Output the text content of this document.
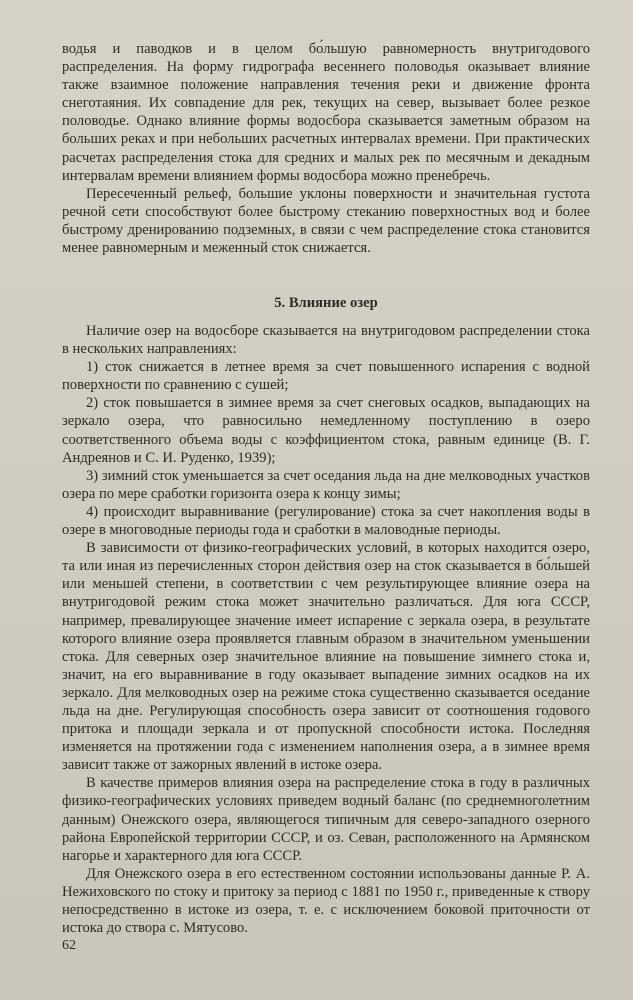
водья и паводков и в целом бо́льшую равномерность внутригодового распределения. На форму гидрографа весеннего половодья оказывает влияние также взаимное положение направления течения реки и движение фронта снеготаяния. Их совпадение для рек, текущих на север, вызывает более резкое половодье. Однако влияние формы водосбора сказывается заметным образом на больших реках и при небольших расчетных интервалах времени. При практических расчетах распределения стока для средних и малых рек по месячным и декадным интервалам времени влиянием формы водосбора можно пренебречь.

Пересеченный рельеф, большие уклоны поверхности и значительная густота речной сети способствуют более быстрому стеканию поверхностных вод и более быстрому дренированию подземных, в связи с чем распределение стока становится менее равномерным и меженный сток снижается.

5. Влияние озер

Наличие озер на водосборе сказывается на внутригодовом распределении стока в нескольких направлениях:

1) сток снижается в летнее время за счет повышенного испарения с водной поверхности по сравнению с сушей;

2) сток повышается в зимнее время за счет снеговых осадков, выпадающих на зеркало озера, что равносильно немедленному поступлению в озеро соответственного объема воды с коэффициентом стока, равным единице (В. Г. Андреянов и С. И. Руденко, 1939);

3) зимний сток уменьшается за счет оседания льда на дне мелководных участков озера по мере сработки горизонта озера к концу зимы;

4) происходит выравнивание (регулирование) стока за счет накопления воды в озере в многоводные периоды года и сработки в маловодные периоды.

В зависимости от физико-географических условий, в которых находится озеро, та или иная из перечисленных сторон действия озер на сток сказывается в бо́льшей или меньшей степени, в соответствии с чем результирующее влияние озера на внутригодовой режим стока может значительно различаться. Для юга СССР, например, превалирующее значение имеет испарение с зеркала озера, в результате которого влияние озера проявляется главным образом в значительном уменьшении стока. Для северных озер значительное влияние на повышение зимнего стока и, значит, на его выравнивание в году оказывает выпадение зимних осадков на их зеркало. Для мелководных озер на режиме стока существенно сказывается оседание льда на дне. Регулирующая способность озера зависит от соотношения годового притока и площади зеркала и от пропускной способности истока. Последняя изменяется на протяжении года с изменением наполнения озера, а в зимнее время зависит также от зажорных явлений в истоке озера.

В качестве примеров влияния озера на распределение стока в году в различных физико-географических условиях приведем водный баланс (по среднемноголетним данным) Онежского озера, являющегося типичным для северо-западного озерного района Европейской территории СССР, и оз. Севан, расположенного на Армянском нагорье и характерного для юга СССР.

Для Онежского озера в его естественном состоянии использованы данные Р. А. Нежиховского по стоку и притоку за период с 1881 по 1950 г., приведенные к створу непосредственно в истоке из озера, т. е. с исключением боковой приточности от истока до створа с. Мятусово.

62
